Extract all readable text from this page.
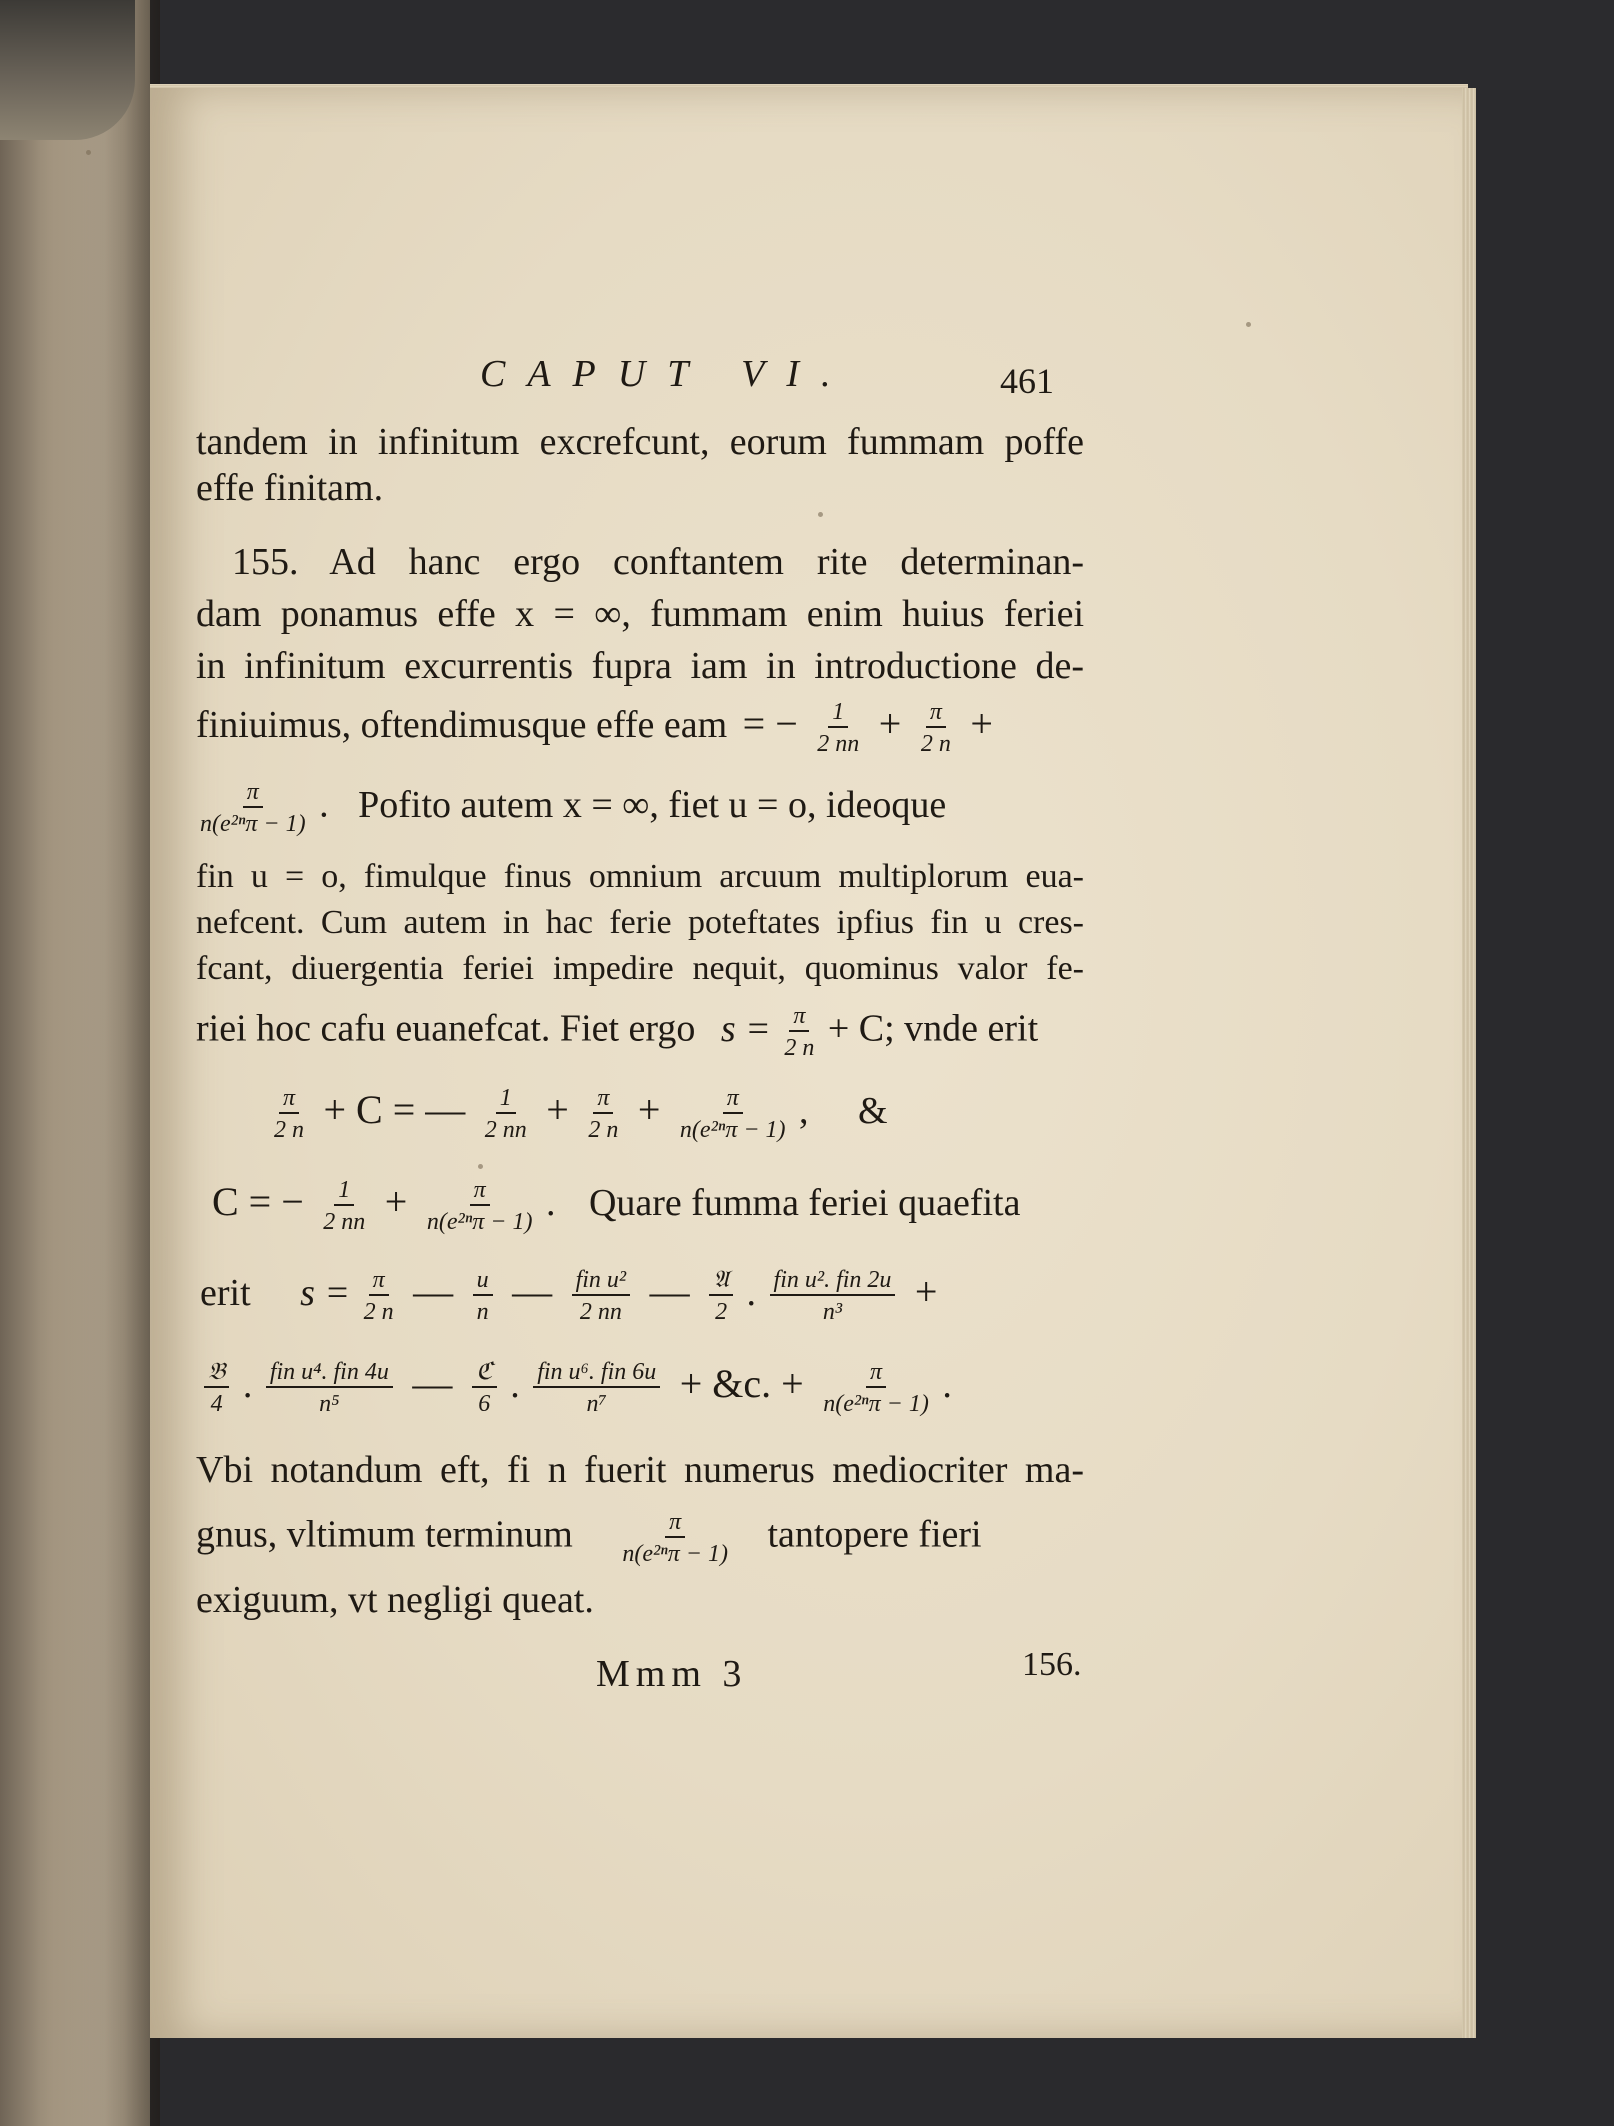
CAPUT VI.	461
tandem in infinitum excrefcunt, eorum fummam poffe
effe finitam.
155. Ad hanc ergo conftantem rite determinan-
dam ponamus effe x = ∞, fummam enim huius feriei
in infinitum excurrentis fupra iam in introductione de-
finiuimus, oftendimusque effe eam = − $\frac{1}{2 nn} + \frac{\pi}{2 n}$ +
$\frac{\pi}{\text{n(e²ⁿπ − 1)}}$ . Pofito autem x = ∞, fiet u = o, ideoque
fin u = o, fimulque finus omnium arcuum multiplorum eua-
nefcent. Cum autem in hac ferie poteftates ipfius fin u cres-
fcant, diuergentia feriei impedire nequit, quominus valor fe-
riei hoc cafu euanefcat. Fiet ergo $s = \frac{\pi}{2 n} + C$; vnde erit
$\frac{\pi}{2 n} + C$ = — $\frac{1}{2 nn} + \frac{\pi}{2 n} + \frac{\pi}{\text{n(e²ⁿπ − 1)}}$ , &
C = − $\frac{1}{2 nn} + \frac{\pi}{\text{n(e²ⁿπ − 1)}}$ . Quare fumma feriei quaefita
erit $s = \frac{\pi}{2 n}$ — $\frac{u}{n}$ — $\frac{\text{fin u²}}{2 nn}$ — $\frac{\text{𝔄}}{2}$ . $\frac{\text{fin u². fin 2u}}{\text{n³}}$ +
$\frac{\text{𝔅}}{4}$ . $\frac{\text{fin u⁴. fin 4u}}{\text{n⁵}}$ — $\frac{\text{ℭ}}{6}$ . $\frac{\text{fin u⁶. fin 6u}}{\text{n⁷}}$ + &c. + $\frac{\pi}{\text{n(e²ⁿπ − 1)}}$ .
Vbi notandum eft, fi n fuerit numerus mediocriter ma-
gnus, vltimum terminum $\frac{\pi}{\text{n(e²ⁿπ − 1)}}$ tantopere fieri
exiguum, vt negligi queat.
Mmm 3	156.
